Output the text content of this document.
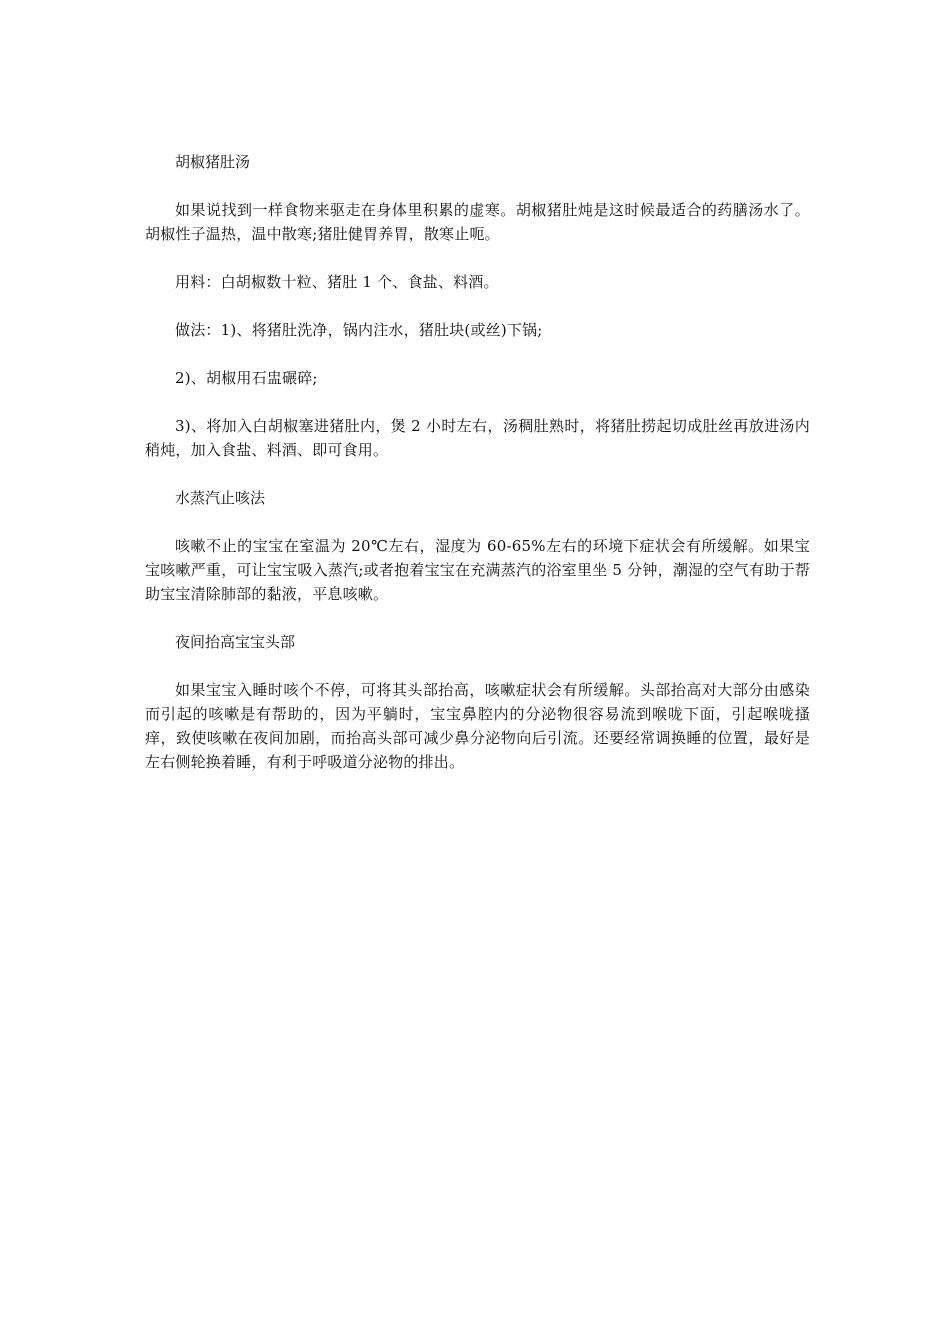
胡椒猪肚汤

如果说找到一样食物来驱走在身体里积累的虚寒。胡椒猪肚炖是这时候最适合的药膳汤水了。胡椒性子温热，温中散寒;猪肚健胃养胃，散寒止呃。

用料：白胡椒数十粒、猪肚 1 个、食盐、料酒。

做法：1)、将猪肚洗净，锅内注水，猪肚块(或丝)下锅;

2)、胡椒用石盅碾碎;

3)、将加入白胡椒塞进猪肚内，煲 2 小时左右，汤稠肚熟时，将猪肚捞起切成肚丝再放进汤内稍炖，加入食盐、料酒、即可食用。

水蒸汽止咳法

咳嗽不止的宝宝在室温为 20℃左右，湿度为 60-65%左右的环境下症状会有所缓解。如果宝宝咳嗽严重，可让宝宝吸入蒸汽;或者抱着宝宝在充满蒸汽的浴室里坐 5 分钟，潮湿的空气有助于帮助宝宝清除肺部的黏液，平息咳嗽。

夜间抬高宝宝头部

如果宝宝入睡时咳个不停，可将其头部抬高，咳嗽症状会有所缓解。头部抬高对大部分由感染而引起的咳嗽是有帮助的，因为平躺时，宝宝鼻腔内的分泌物很容易流到喉咙下面，引起喉咙搔痒，致使咳嗽在夜间加剧，而抬高头部可减少鼻分泌物向后引流。还要经常调换睡的位置，最好是左右侧轮换着睡，有利于呼吸道分泌物的排出。
